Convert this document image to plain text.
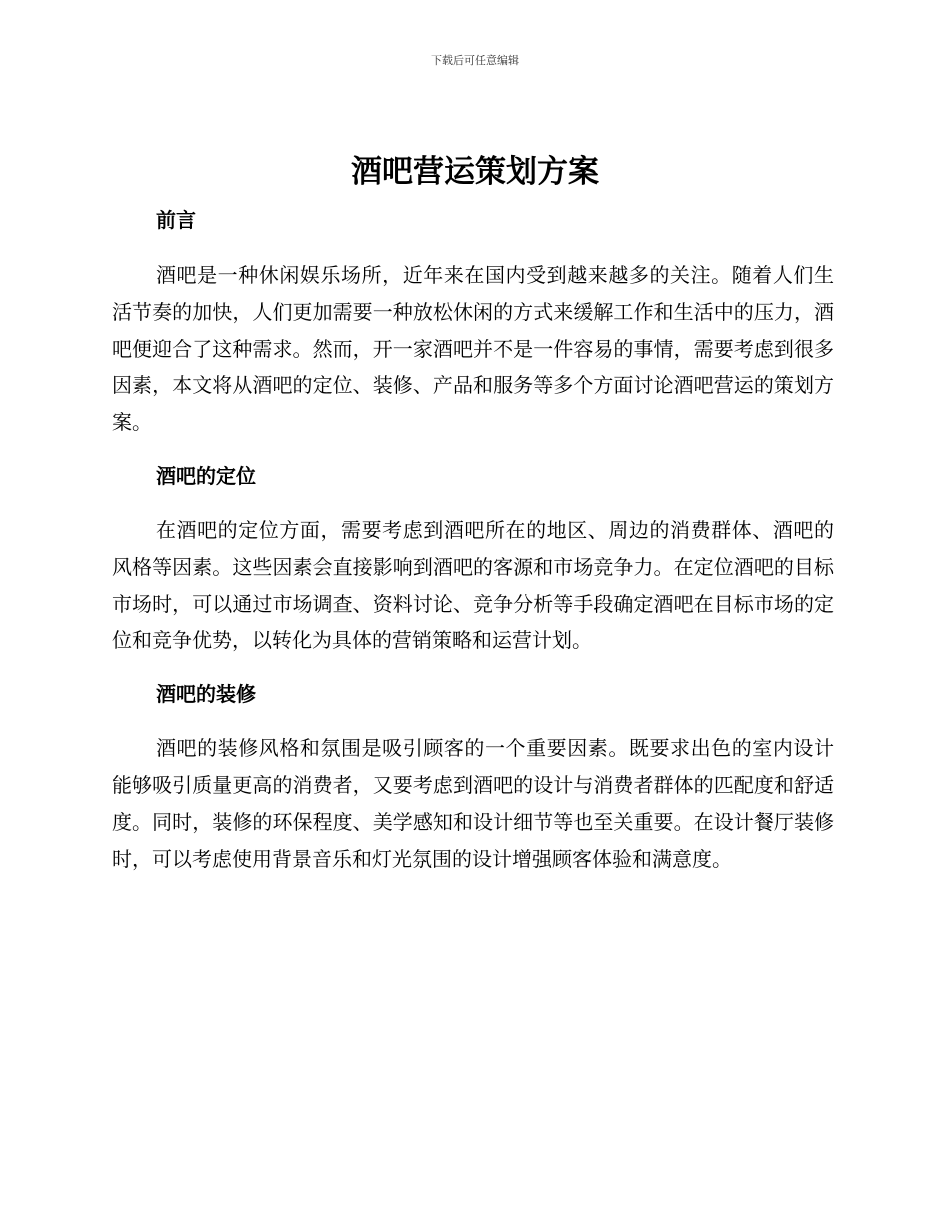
下载后可任意编辑
酒吧营运策划方案
前言

酒吧是一种休闲娱乐场所，近年来在国内受到越来越多的关注。随着人们生活节奏的加快，人们更加需要一种放松休闲的方式来缓解工作和生活中的压力，酒吧便迎合了这种需求。然而，开一家酒吧并不是一件容易的事情，需要考虑到很多因素，本文将从酒吧的定位、装修、产品和服务等多个方面讨论酒吧营运的策划方案。

酒吧的定位

在酒吧的定位方面，需要考虑到酒吧所在的地区、周边的消费群体、酒吧的风格等因素。这些因素会直接影响到酒吧的客源和市场竞争力。在定位酒吧的目标市场时，可以通过市场调查、资料讨论、竞争分析等手段确定酒吧在目标市场的定位和竞争优势，以转化为具体的营销策略和运营计划。

酒吧的装修

酒吧的装修风格和氛围是吸引顾客的一个重要因素。既要求出色的室内设计能够吸引质量更高的消费者，又要考虑到酒吧的设计与消费者群体的匹配度和舒适度。同时，装修的环保程度、美学感知和设计细节等也至关重要。在设计餐厅装修时，可以考虑使用背景音乐和灯光氛围的设计增强顾客体验和满意度。
